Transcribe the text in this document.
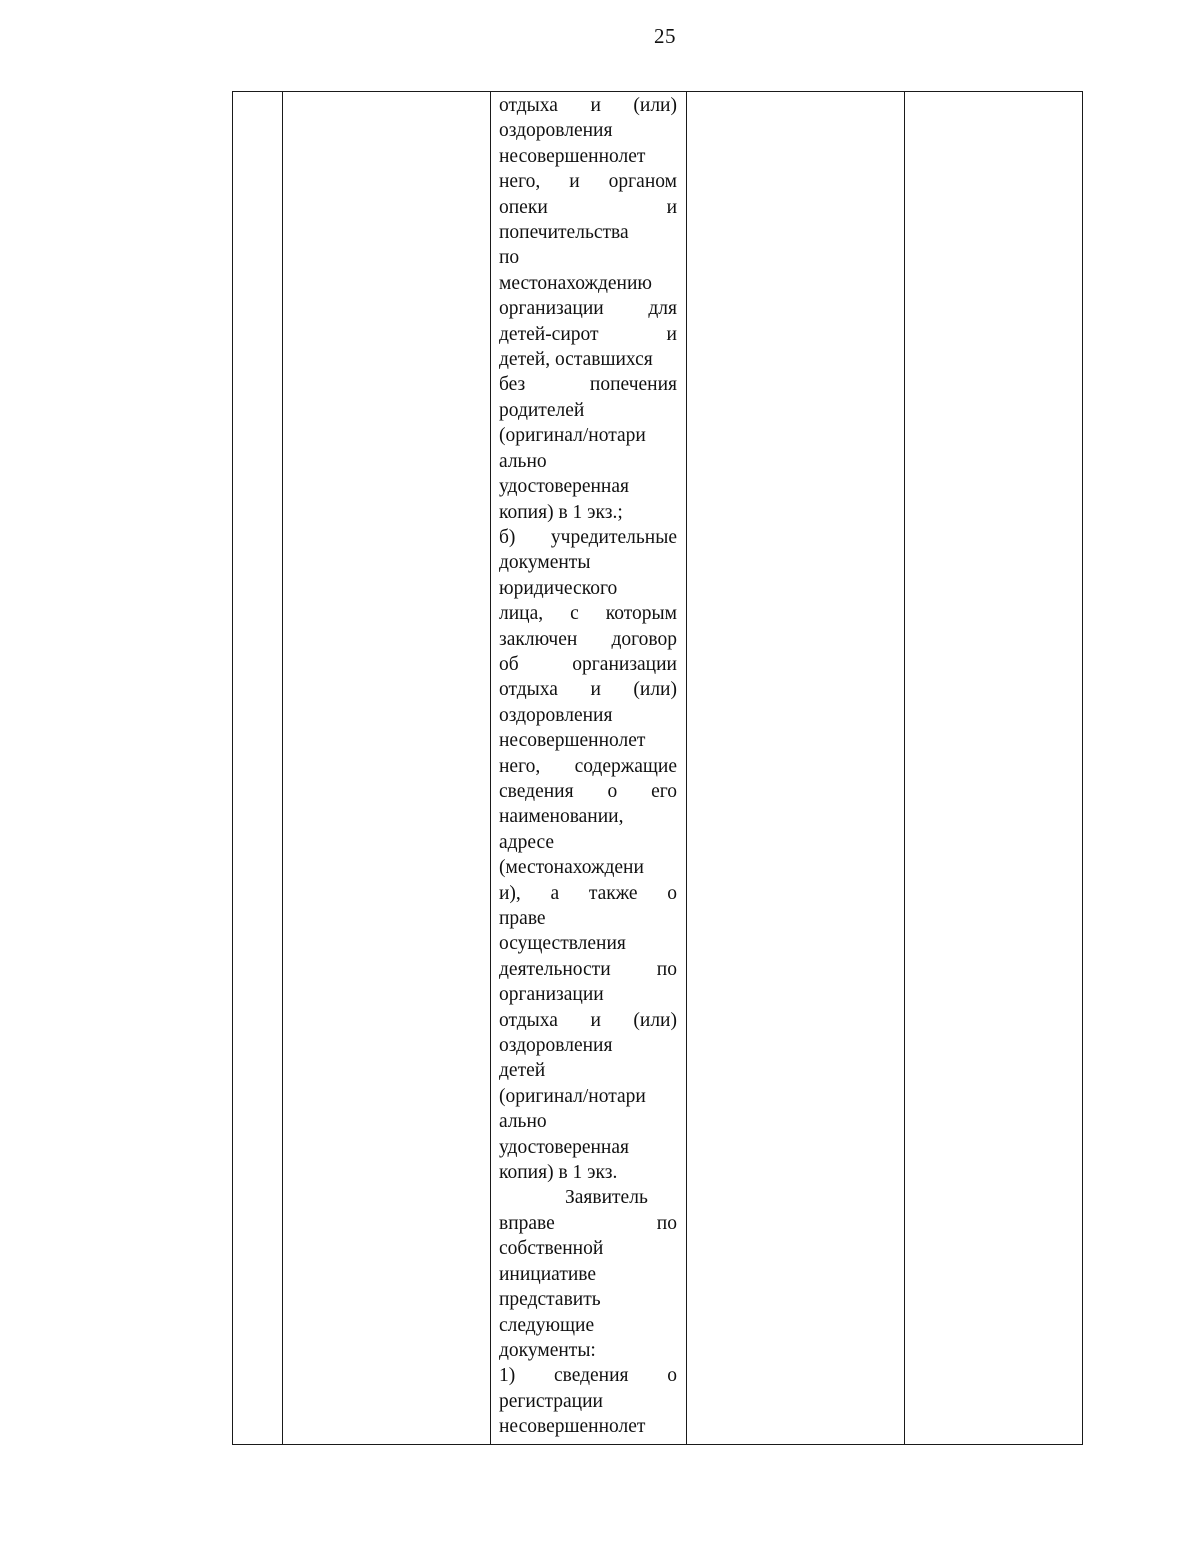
25

отдыха и (или)
оздоровления
несовершеннолет
него, и органом
опеки и
попечительства
по
местонахождению
организации для
детей-сирот и
детей, оставшихся
без попечения
родителей
(оригинал/нотари
ально
удостоверенная
копия) в 1 экз.;
б) учредительные
документы
юридического
лица, с которым
заключен договор
об организации
отдыха и (или)
оздоровления
несовершеннолет
него, содержащие
сведения о его
наименовании,
адресе
(местонахождени
и), а также о
праве
осуществления
деятельности по
организации
отдыха и (или)
оздоровления
детей
(оригинал/нотари
ально
удостоверенная
копия) в 1 экз.
Заявитель
вправе по
собственной
инициативе
представить
следующие
документы:
1) сведения о
регистрации
несовершеннолет
